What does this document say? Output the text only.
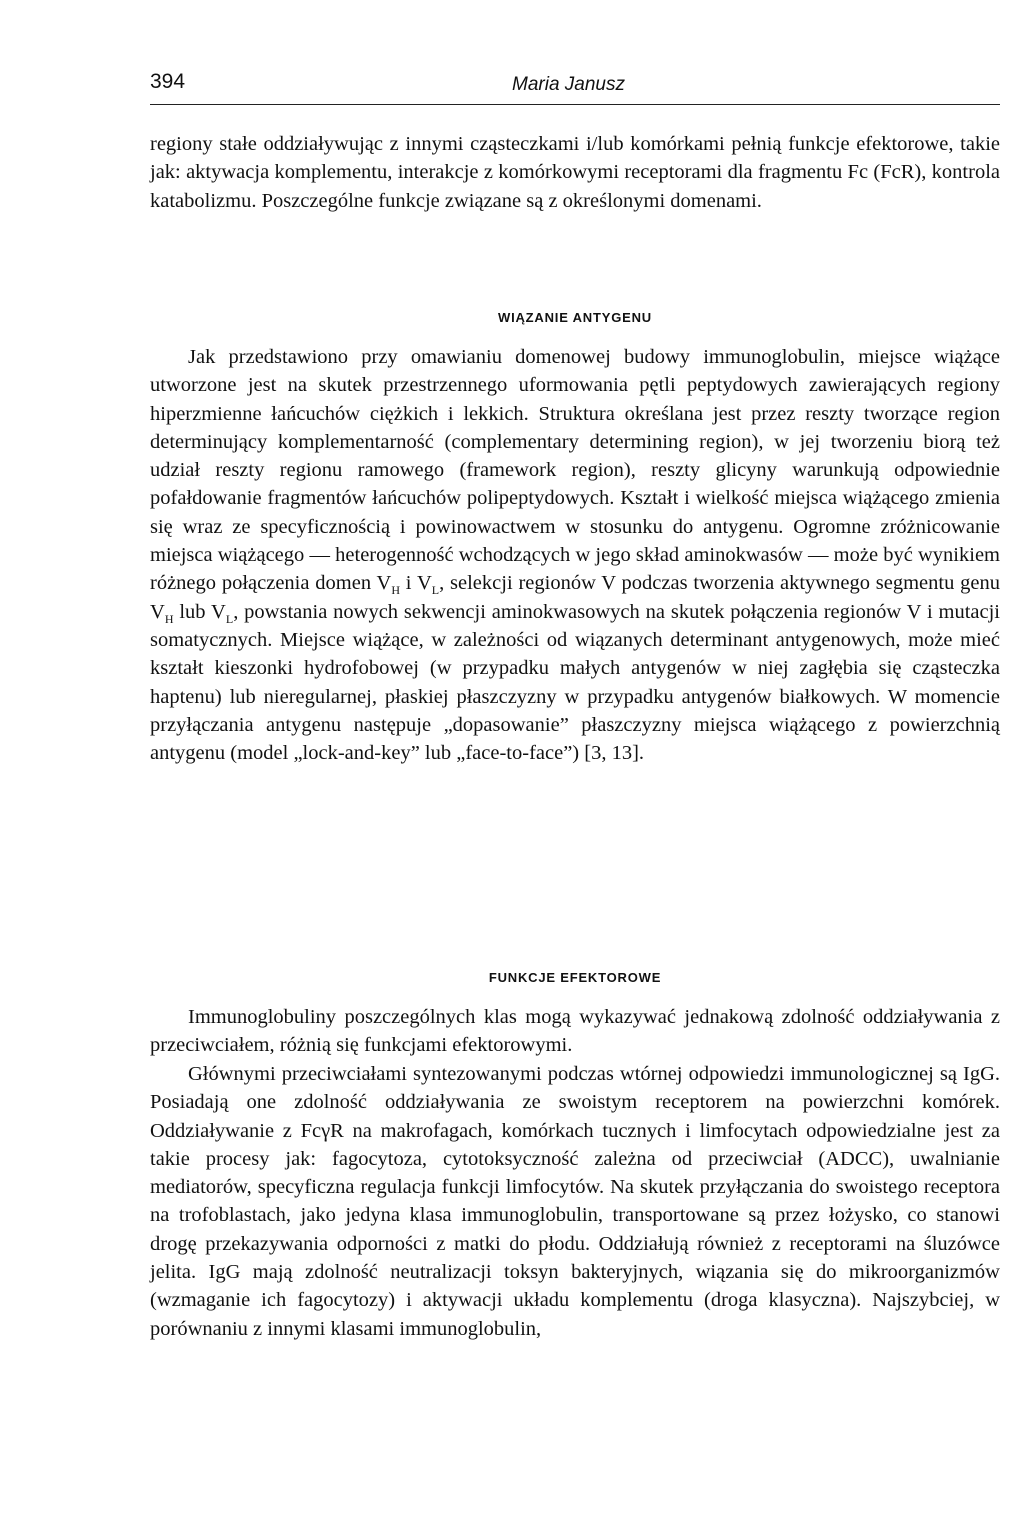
394	Maria Janusz

regiony stałe oddziaływując z innymi cząsteczkami i/lub komórkami pełnią funkcje efektorowe, takie jak: aktywacja komplementu, interakcje z komórkowymi receptorami dla fragmentu Fc (FcR), kontrola katabolizmu. Poszczególne funkcje związane są z określonymi domenami.

WIĄZANIE ANTYGENU

Jak przedstawiono przy omawianiu domenowej budowy immunoglobulin, miejsce wiążące utworzone jest na skutek przestrzennego uformowania pętli peptydowych zawierających regiony hiperzmienne łańcuchów ciężkich i lekkich. Struktura określana jest przez reszty tworzące region determinujący komplementarność (complementary determining region), w jej tworzeniu biorą też udział reszty regionu ramowego (framework region), reszty glicyny warunkują odpowiednie pofałdowanie fragmentów łańcuchów polipeptydowych. Kształt i wielkość miejsca wiążącego zmienia się wraz ze specyficznością i powinowactwem w stosunku do antygenu. Ogromne zróżnicowanie miejsca wiążącego — heterogenność wchodzących w jego skład aminokwasów — może być wynikiem różnego połączenia domen $V_H$ i $V_L$, selekcji regionów V podczas tworzenia aktywnego segmentu genu $V_H$ lub $V_L$, powstania nowych sekwencji aminokwasowych na skutek połączenia regionów V i mutacji somatycznych. Miejsce wiążące, w zależności od wiązanych determinant antygenowych, może mieć kształt kieszonki hydrofobowej (w przypadku małych antygenów w niej zagłębia się cząsteczka haptenu) lub nieregularnej, płaskiej płaszczyzny w przypadku antygenów białkowych. W momencie przyłączania antygenu następuje „dopasowanie” płaszczyzny miejsca wiążącego z powierzchnią antygenu (model „lock-and-key” lub „face-to-face”) [3, 13].

FUNKCJE EFEKTOROWE

Immunoglobuliny poszczególnych klas mogą wykazywać jednakową zdolność oddziaływania z przeciwciałem, różnią się funkcjami efektorowymi.

Głównymi przeciwciałami syntezowanymi podczas wtórnej odpowiedzi immunologicznej są IgG. Posiadają one zdolność oddziaływania ze swoistym receptorem na powierzchni komórek. Oddziaływanie z FcγR na makrofagach, komórkach tucznych i limfocytach odpowiedzialne jest za takie procesy jak: fagocytoza, cytotoksyczność zależna od przeciwciał (ADCC), uwalnianie mediatorów, specyficzna regulacja funkcji limfocytów. Na skutek przyłączania do swoistego receptora na trofoblastach, jako jedyna klasa immunoglobulin, transportowane są przez łożysko, co stanowi drogę przekazywania odporności z matki do płodu. Oddziałują również z receptorami na śluzówce jelita. IgG mają zdolność neutralizacji toksyn bakteryjnych, wiązania się do mikroorganizmów (wzmaganie ich fagocytozy) i aktywacji układu komplementu (droga klasyczna). Najszybciej, w porównaniu z innymi klasami immunoglobulin,
